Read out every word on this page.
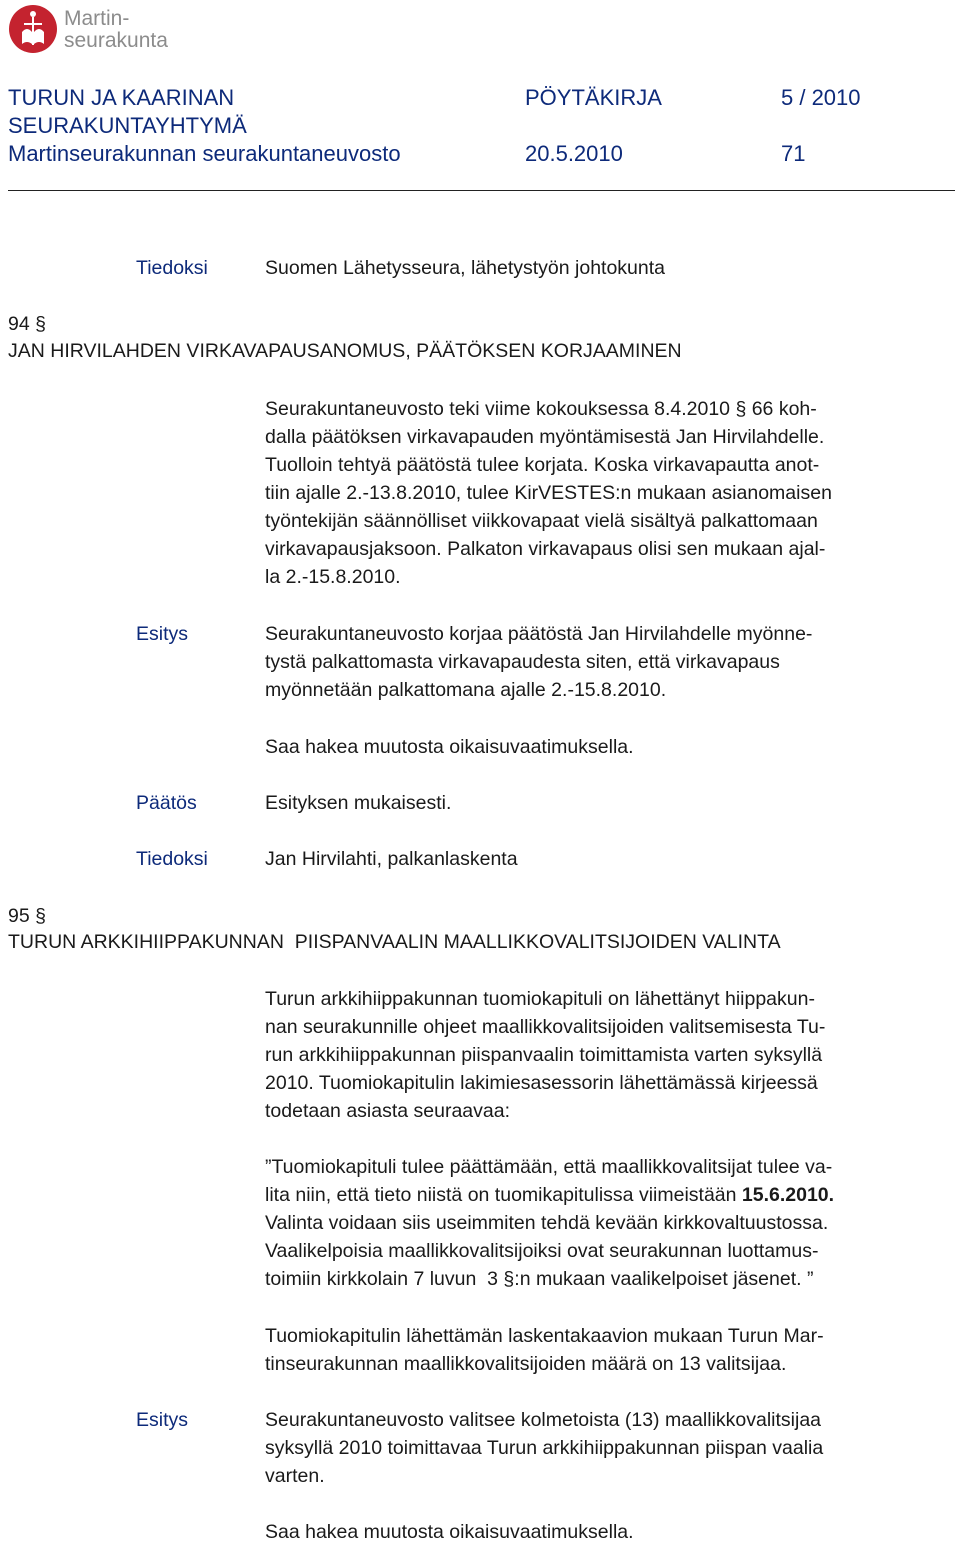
Martin-
seurakunta
TURUN JA KAARINAN	PÖYTÄKIRJA	5 / 2010
SEURAKUNTAYHTYMÄ
Martinseurakunnan seurakuntaneuvosto	20.5.2010	71
Tiedoksi	Suomen Lähetysseura, lähetystyön johtokunta
94 §
JAN HIRVILAHDEN VIRKAVAPAUSANOMUS, PÄÄTÖKSEN KORJAAMINEN
Seurakuntaneuvosto teki viime kokouksessa 8.4.2010 § 66 koh-
dalla päätöksen virkavapauden myöntämisestä Jan Hirvilahdelle.
Tuolloin tehtyä päätöstä tulee korjata. Koska virkavapautta anot-
tiin ajalle 2.-13.8.2010, tulee KirVESTES:n mukaan asianomaisen
työntekijän säännölliset viikkovapaat vielä sisältyä palkattomaan
virkavapausjaksoon. Palkaton virkavapaus olisi sen mukaan ajal-
la 2.-15.8.2010.
Esitys	Seurakuntaneuvosto korjaa päätöstä Jan Hirvilahdelle myönne-
tystä palkattomasta virkavapaudesta siten, että virkavapaus
myönnetään palkattomana ajalle 2.-15.8.2010.
Saa hakea muutosta oikaisuvaatimuksella.
Päätös	Esityksen mukaisesti.
Tiedoksi	Jan Hirvilahti, palkanlaskenta
95 §
TURUN ARKKIHIIPPAKUNNAN  PIISPANVAALIN MAALLIKKOVALITSIJOIDEN VALINTA
Turun arkkihiippakunnan tuomiokapituli on lähettänyt hiippakun-
nan seurakunnille ohjeet maallikkovalitsijoiden valitsemisesta Tu-
run arkkihiippakunnan piispanvaalin toimittamista varten syksyllä
2010. Tuomiokapitulin lakimiesasessorin lähettämässä kirjeessä
todetaan asiasta seuraavaa:
”Tuomiokapituli tulee päättämään, että maallikkovalitsijat tulee va-
lita niin, että tieto niistä on tuomikapitulissa viimeistään 15.6.2010.
Valinta voidaan siis useimmiten tehdä kevään kirkkovaltuustossa.
Vaalikelpoisia maallikkovalitsijoiksi ovat seurakunnan luottamus-
toimiin kirkkolain 7 luvun  3 §:n mukaan vaalikelpoiset jäsenet. ”
Tuomiokapitulin lähettämän laskentakaavion mukaan Turun Mar-
tinseurakunnan maallikkovalitsijoiden määrä on 13 valitsijaa.
Esitys	Seurakuntaneuvosto valitsee kolmetoista (13) maallikkovalitsijaa
syksyllä 2010 toimittavaa Turun arkkihiippakunnan piispan vaalia
varten.
Saa hakea muutosta oikaisuvaatimuksella.
